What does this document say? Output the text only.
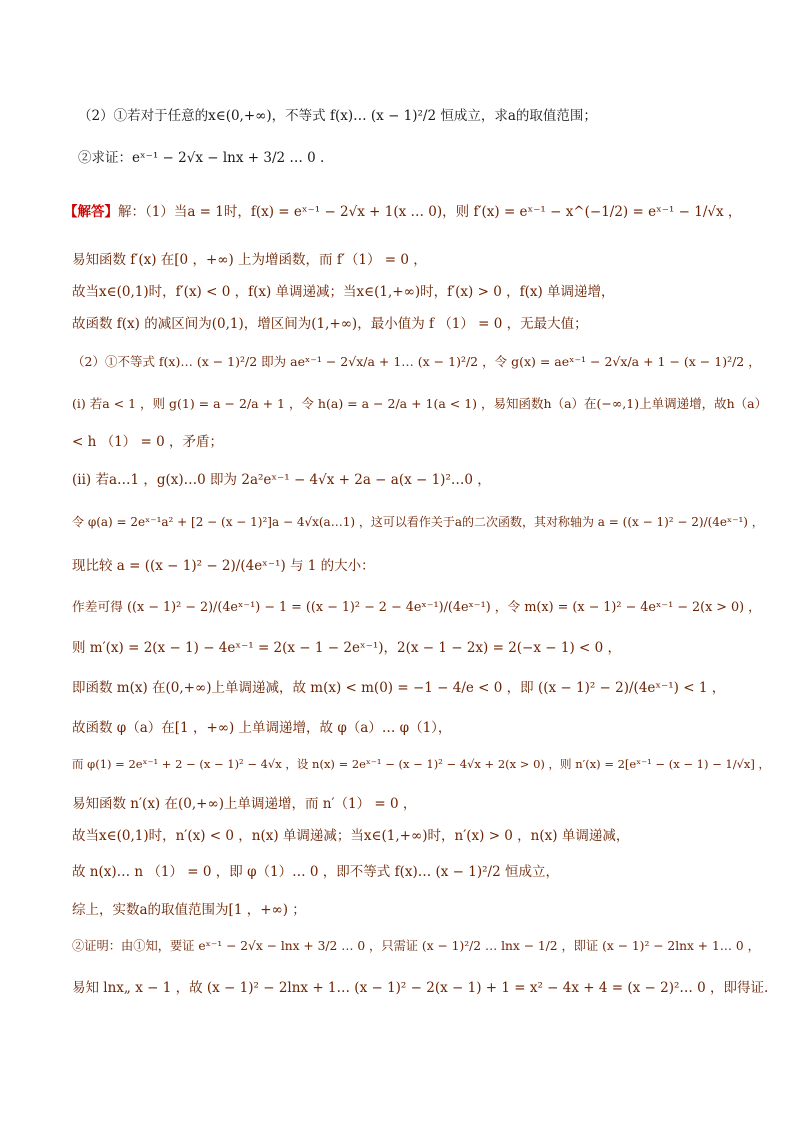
（2）①若对于任意的x∈(0,+∞)，不等式 f(x)… (x − 1)²/2 恒成立，求a的取值范围；
②求证：eˣ⁻¹ − 2√x − lnx + 3/2 … 0 .
【解答】解：（1）当a = 1时，f(x) = eˣ⁻¹ − 2√x + 1(x … 0)，则 f′(x) = eˣ⁻¹ − x^(−1/2) = eˣ⁻¹ − 1/√x ，
易知函数 f′(x) 在[0 ，+∞) 上为增函数，而 f′（1） = 0 ，
故当x∈(0,1)时，f′(x) < 0 ，f(x) 单调递减；当x∈(1,+∞)时，f′(x) > 0 ，f(x) 单调递增，
故函数 f(x) 的减区间为(0,1)，增区间为(1,+∞)，最小值为 f （1） = 0 ，无最大值；
（2）①不等式 f(x)… (x − 1)²/2 即为 aeˣ⁻¹ − 2√x/a + 1… (x − 1)²/2 ，令 g(x) = aeˣ⁻¹ − 2√x/a + 1 − (x − 1)²/2 ，
(i) 若a < 1 ，则 g(1) = a − 2/a + 1 ，令 h(a) = a − 2/a + 1(a < 1) ，易知函数h（a）在(−∞,1)上单调递增，故h（a）
< h （1） = 0 ，矛盾；
(ii) 若a…1 ，g(x)…0 即为 2a²eˣ⁻¹ − 4√x + 2a − a(x − 1)²…0 ，
令 φ(a) = 2eˣ⁻¹a² + [2 − (x − 1)²]a − 4√x(a…1) ，这可以看作关于a的二次函数，其对称轴为 a = ((x − 1)² − 2)/(4eˣ⁻¹) ，
现比较 a = ((x − 1)² − 2)/(4eˣ⁻¹) 与 1 的大小：
作差可得 ((x − 1)² − 2)/(4eˣ⁻¹) − 1 = ((x − 1)² − 2 − 4eˣ⁻¹)/(4eˣ⁻¹) ，令 m(x) = (x − 1)² − 4eˣ⁻¹ − 2(x > 0) ，
则 m′(x) = 2(x − 1) − 4eˣ⁻¹ = 2(x − 1 − 2eˣ⁻¹)，2(x − 1 − 2x) = 2(−x − 1) < 0 ，
即函数 m(x) 在(0,+∞)上单调递减，故 m(x) < m(0) = −1 − 4/e < 0 ，即 ((x − 1)² − 2)/(4eˣ⁻¹) < 1 ，
故函数 φ（a）在[1 ，+∞) 上单调递增，故 φ（a）… φ（1），
而 φ(1) = 2eˣ⁻¹ + 2 − (x − 1)² − 4√x ，设 n(x) = 2eˣ⁻¹ − (x − 1)² − 4√x + 2(x > 0) ，则 n′(x) = 2[eˣ⁻¹ − (x − 1) − 1/√x] ，
易知函数 n′(x) 在(0,+∞)上单调递增，而 n′（1） = 0 ，
故当x∈(0,1)时，n′(x) < 0 ，n(x) 单调递减；当x∈(1,+∞)时，n′(x) > 0 ，n(x) 单调递减，
故 n(x)… n （1） = 0 ，即 φ（1）… 0 ，即不等式 f(x)… (x − 1)²/2 恒成立，
综上，实数a的取值范围为[1 ，+∞) ；
②证明：由①知，要证 eˣ⁻¹ − 2√x − lnx + 3/2 … 0 ，只需证 (x − 1)²/2 … lnx − 1/2 ，即证 (x − 1)² − 2lnx + 1… 0 ，
易知 lnx„ x − 1 ，故 (x − 1)² − 2lnx + 1… (x − 1)² − 2(x − 1) + 1 = x² − 4x + 4 = (x − 2)²… 0 ，即得证.
